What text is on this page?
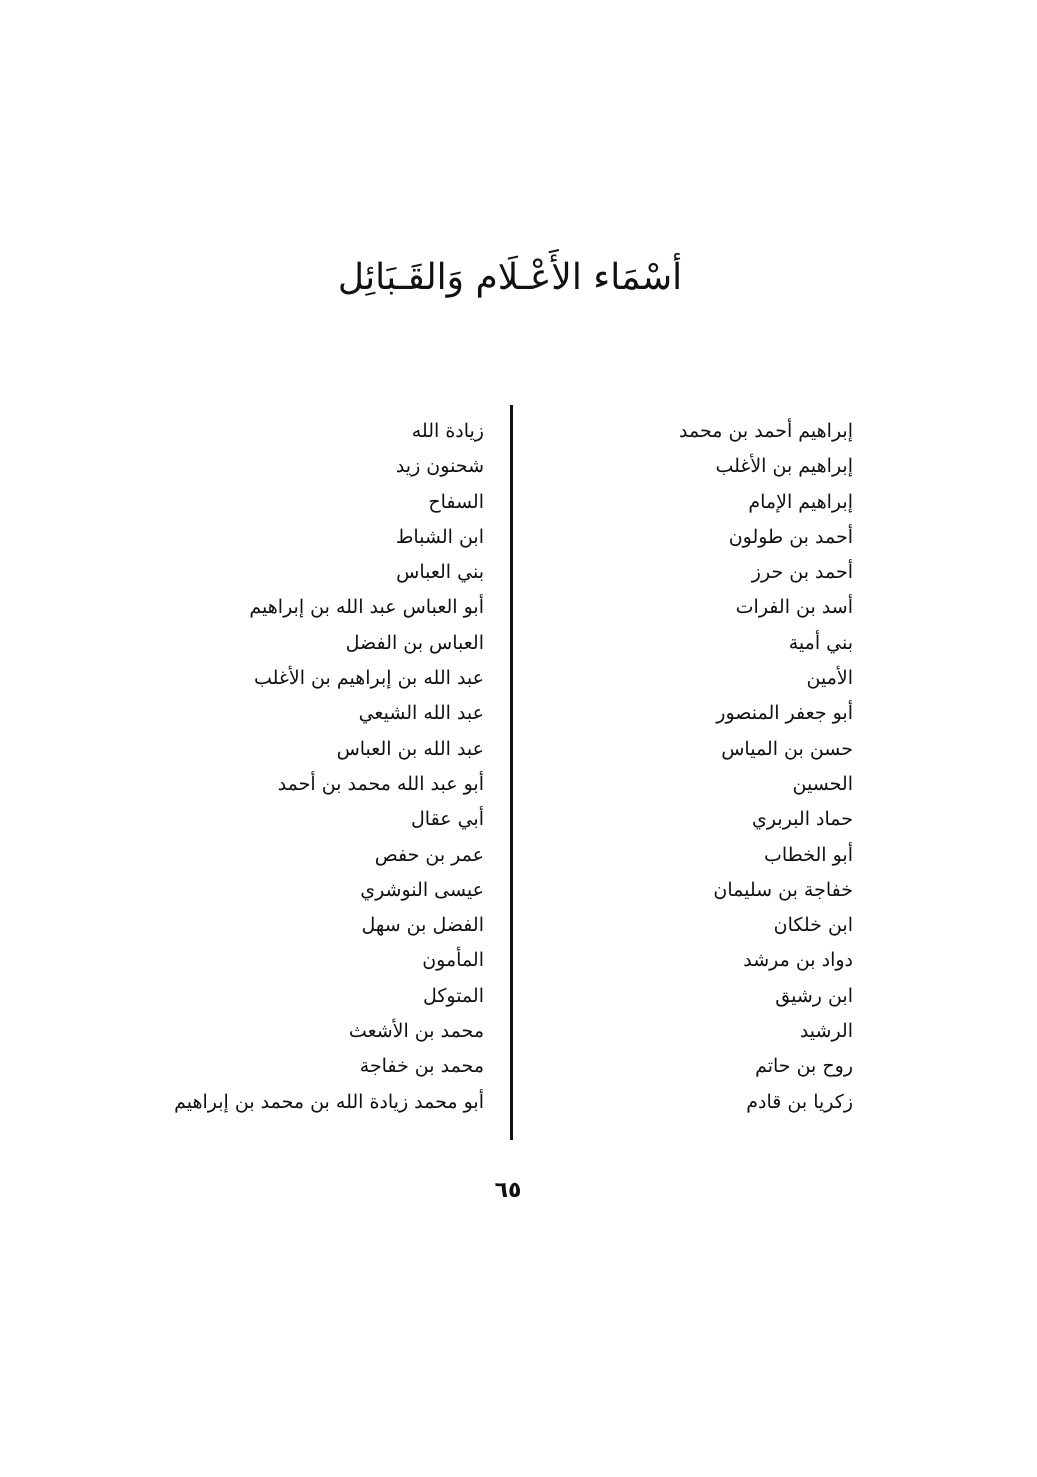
أسْمَاء الأَعْـلَام وَالقَـبَائِل
إبراهيم أحمد بن محمد
إبراهيم بن الأغلب
إبراهيم الإمام
أحمد بن طولون
أحمد بن حرز
أسد بن الفرات
بني أمية
الأمين
أبو جعفر المنصور
حسن بن المياس
الحسين
حماد البربري
أبو الخطاب
خفاجة بن سليمان
ابن خلكان
دواد بن مرشد
ابن رشيق
الرشيد
روح بن حاتم
زكريا بن قادم
زيادة الله
شحنون زيد
السفاح
ابن الشباط
بني العباس
أبو العباس عبد الله بن إبراهيم
العباس بن الفضل
عبد الله بن إبراهيم بن الأغلب
عبد الله الشيعي
عبد الله بن العباس
أبو عبد الله محمد بن أحمد
أبي عقال
عمر بن حفص
عيسى النوشري
الفضل بن سهل
المأمون
المتوكل
محمد بن الأشعث
محمد بن خفاجة
أبو محمد زيادة الله بن محمد بن إبراهيم
٦٥
